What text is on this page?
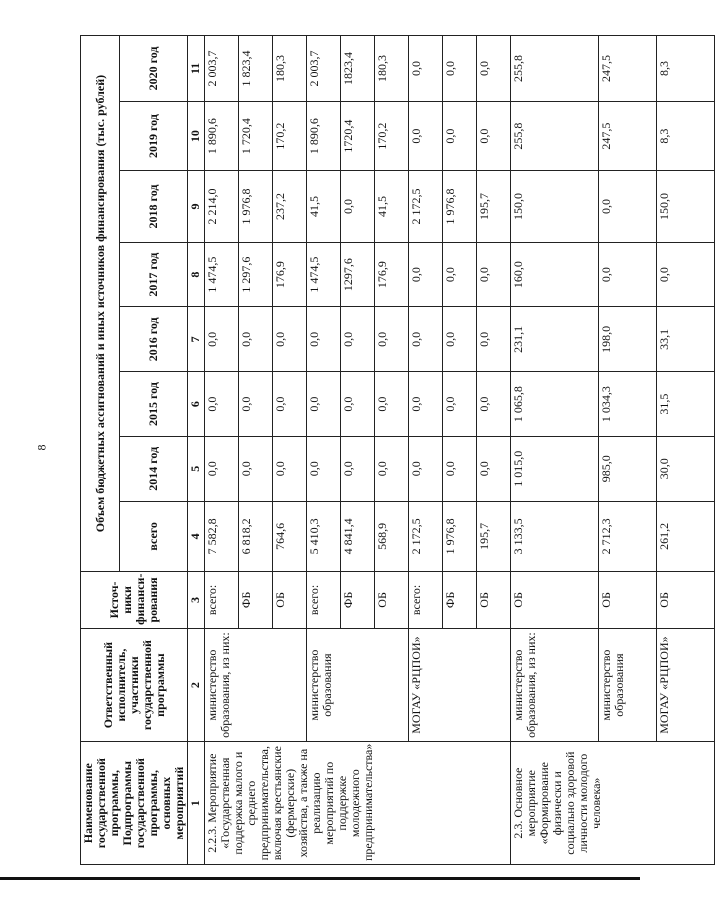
8
Наименование государственной программы, Подпрограммы государственной программы, основных мероприятий	Ответственный исполнитель, участники государственной программы	Источ-ники финанси-рования	Объем бюджетных ассигнований и иных источников финансирования (тыс. рублей)							
			всего	2014 год	2015 год	2016 год	2017 год	2018 год	2019 год	2020 год
1	2	3	4	5	6	7	8	9	10	11
2.2.3. Мероприятие «Государственная поддержка малого и среднего предпринимательства, включая крестьянские (фермерские) хозяйства, а также на реализацию мероприятий по поддержке молодежного предпринимательства»	министерство образования, из них:	всего:	7 582,8	0,0	0,0	0,0	1 474,5	2 214,0	1 890,6	2 003,7
		ФБ	6 818,2	0,0	0,0	0,0	1 297,6	1 976,8	1 720,4	1 823,4
		ОБ	764,6	0,0	0,0	0,0	176,9	237,2	170,2	180,3
	министерство образования	всего:	5 410,3	0,0	0,0	0,0	1 474,5	41,5	1 890,6	2 003,7
		ФБ	4 841,4	0,0	0,0	0,0	1297,6	0,0	1720,4	1823,4
		ОБ	568,9	0,0	0,0	0,0	176,9	41,5	170,2	180,3
	МОГАУ «РЦПОИ»	всего:	2 172,5	0,0	0,0	0,0	0,0	2 172,5	0,0	0,0
		ФБ	1 976,8	0,0	0,0	0,0	0,0	1 976,8	0,0	0,0
		ОБ	195,7	0,0	0,0	0,0	0,0	195,7	0,0	0,0
2.3. Основное мероприятие «Формирование физически и социально здоровой личности молодого человека»	министерство образования, из них:	ОБ	3 133,5	1 015,0	1 065,8	231,1	160,0	150,0	255,8	255,8
	министерство образования	ОБ	2 712,3	985,0	1 034,3	198,0	0,0	0,0	247,5	247,5
	МОГАУ «РЦПОИ»	ОБ	261,2	30,0	31,5	33,1	0,0	150,0	8,3	8,3
